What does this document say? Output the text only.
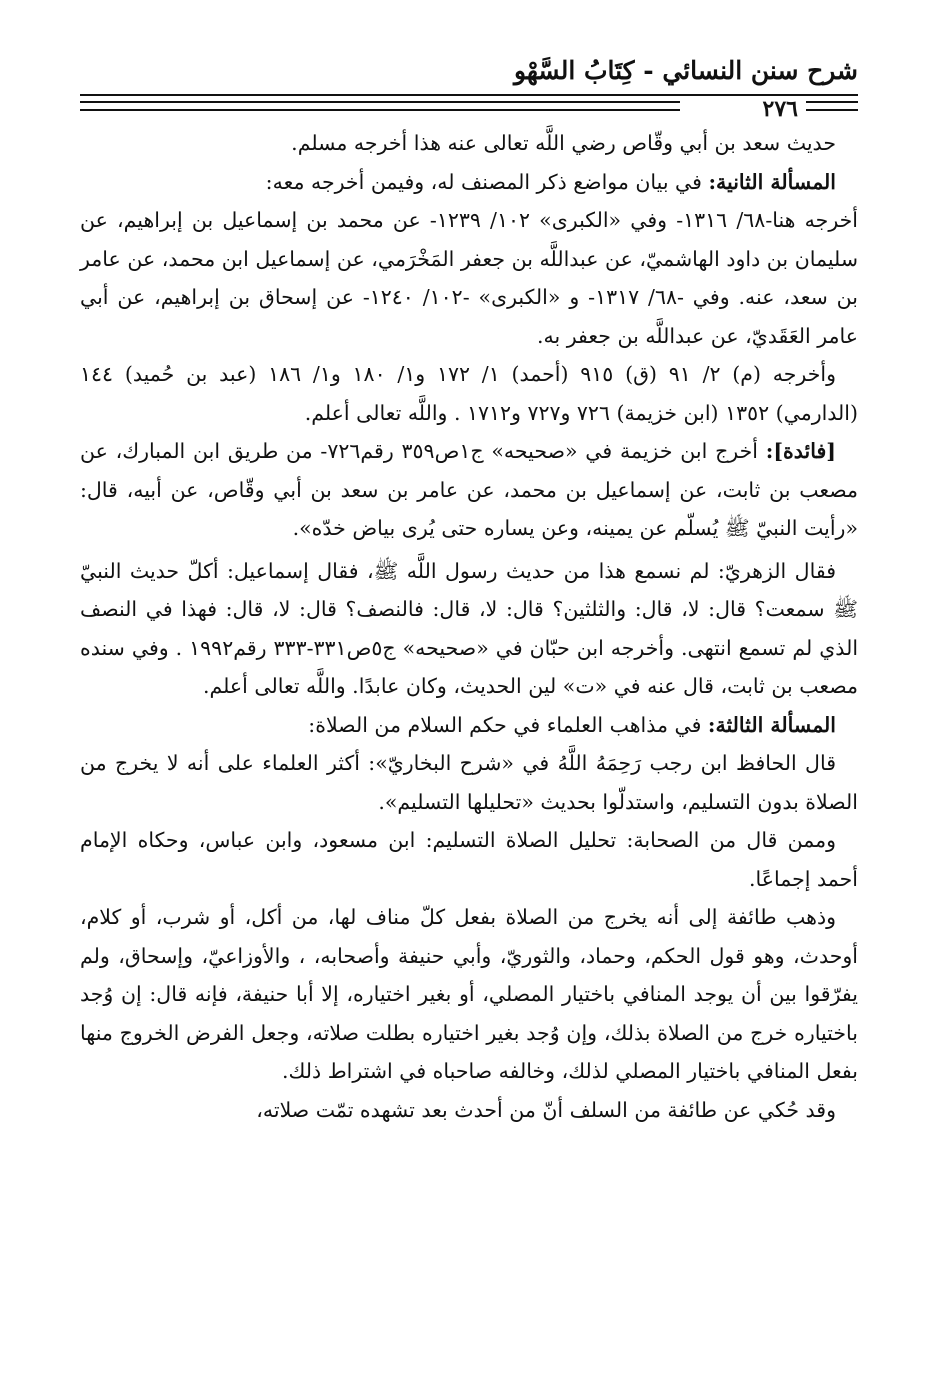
شرح سنن النسائي - كِتَابُ السَّهْو
٢٧٦

حديث سعد بن أبي وقّاص رضي اللَّه تعالى عنه هذا أخرجه مسلم.

المسألة الثانية: في بيان مواضع ذكر المصنف له، وفيمن أخرجه معه:

أخرجه هنا-٦٨/ ١٣١٦- وفي «الكبرى» ١٠٢/ ١٢٣٩- عن محمد بن إسماعيل بن إبراهيم، عن سليمان بن داود الهاشميّ، عن عبداللَّه بن جعفر المَخْرَمي، عن إسماعيل ابن محمد، عن عامر بن سعد، عنه. وفي -٦٨/ ١٣١٧- و «الكبرى» -١٠٢/ ١٢٤٠- عن إسحاق بن إبراهيم، عن أبي عامر العَقَديّ، عن عبداللَّه بن جعفر به.

وأخرجه (م) ٢/ ٩١ (ق) ٩١٥ (أحمد) ١/ ١٧٢ و١/ ١٨٠ و١/ ١٨٦ (عبد بن حُميد) ١٤٤ (الدارمي) ١٣٥٢ (ابن خزيمة) ٧٢٦ و٧٢٧ و١٧١٢ . واللَّه تعالى أعلم.

[فائدة]: أخرج ابن خزيمة في «صحيحه» ج١ص٣٥٩ رقم٧٢٦- من طريق ابن المبارك، عن مصعب بن ثابت، عن إسماعيل بن محمد، عن عامر بن سعد بن أبي وقّاص، عن أبيه، قال: «رأيت النبيّ ﷺ يُسلّم عن يمينه، وعن يساره حتى يُرى بياض خدّه».

فقال الزهريّ: لم نسمع هذا من حديث رسول اللَّه ﷺ، فقال إسماعيل: أكلّ حديث النبيّ ﷺ سمعت؟ قال: لا، قال: والثلثين؟ قال: لا، قال: فالنصف؟ قال: لا، قال: فهذا في النصف الذي لم تسمع انتهى. وأخرجه ابن حبّان في «صحيحه» ج٥ص٣٣١-٣٣٣ رقم١٩٩٢ . وفي سنده مصعب بن ثابت، قال عنه في «ت» لين الحديث، وكان عابدًا. واللَّه تعالى أعلم.

المسألة الثالثة: في مذاهب العلماء في حكم السلام من الصلاة:

قال الحافظ ابن رجب رَحِمَهُ اللَّهُ في «شرح البخاريّ»: أكثر العلماء على أنه لا يخرج من الصلاة بدون التسليم، واستدلّوا بحديث «تحليلها التسليم».

وممن قال من الصحابة: تحليل الصلاة التسليم: ابن مسعود، وابن عباس، وحكاه الإمام أحمد إجماعًا.

وذهب طائفة إلى أنه يخرج من الصلاة بفعل كلّ مناف لها، من أكل، أو شرب، أو كلام، أوحدث، وهو قول الحكم، وحماد، والثوريّ، وأبي حنيفة وأصحابه، ، والأوزاعيّ، وإسحاق، ولم يفرّقوا بين أن يوجد المنافي باختيار المصلي، أو بغير اختياره، إلا أبا حنيفة، فإنه قال: إن وُجد باختياره خرج من الصلاة بذلك، وإن وُجد بغير اختياره بطلت صلاته، وجعل الفرض الخروج منها بفعل المنافي باختيار المصلي لذلك، وخالفه صاحباه في اشتراط ذلك.

وقد حُكي عن طائفة من السلف أنّ من أحدث بعد تشهده تمّت صلاته،
